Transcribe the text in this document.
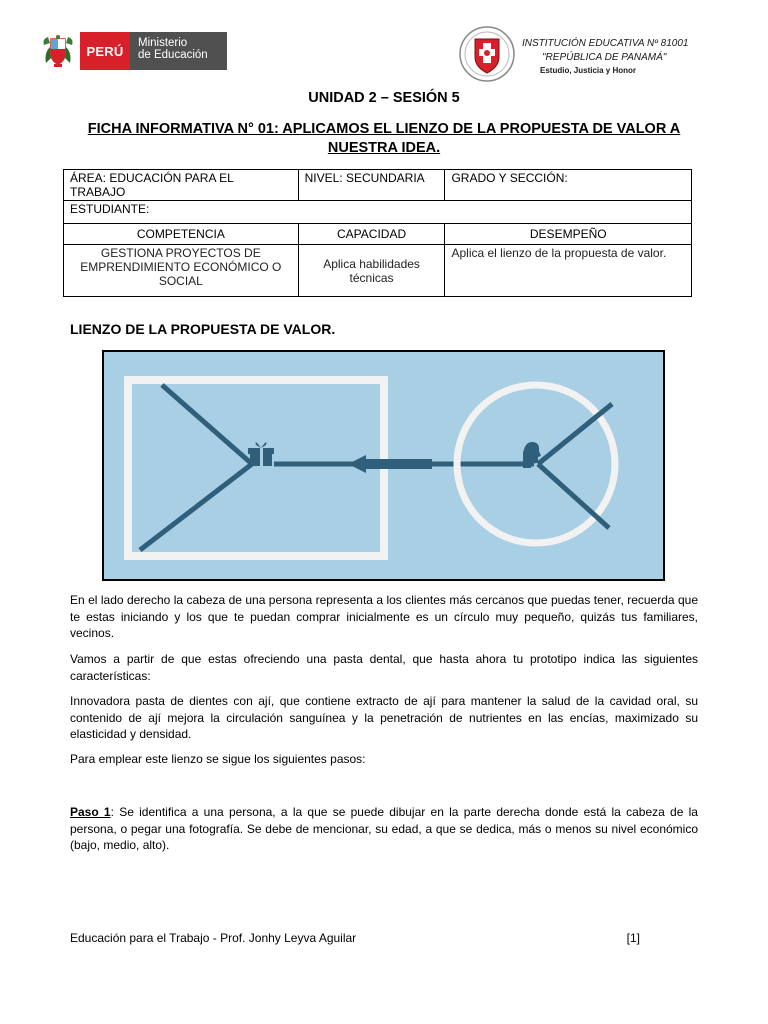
PERÚ
Ministerio
de Educación
INSTITUCIÓN EDUCATIVA Nº 81001
"REPÚBLICA DE PANAMÁ"
Estudio, Justicia y Honor
UNIDAD 2 – SESIÓN 5
FICHA INFORMATIVA N° 01: APLICAMOS EL LIENZO DE LA PROPUESTA DE VALOR A NUESTRA IDEA.
ÁREA: EDUCACIÓN PARA EL TRABAJO	NIVEL: SECUNDARIA	GRADO Y SECCIÓN:
ESTUDIANTE:		
COMPETENCIA	CAPACIDAD	DESEMPEÑO
GESTIONA PROYECTOS DE EMPRENDIMIENTO ECONÓMICO O SOCIAL	Aplica habilidades técnicas	Aplica el lienzo de la propuesta de valor.
LIENZO DE LA PROPUESTA DE VALOR.
En el lado derecho la cabeza de una persona representa a los clientes más cercanos que puedas tener, recuerda que te estas iniciando y los que te puedan comprar inicialmente es un círculo muy pequeño, quizás tus familiares, vecinos.
Vamos a partir de que estas ofreciendo una pasta dental, que hasta ahora tu prototipo indica las siguientes características:
Innovadora pasta de dientes con ají, que contiene extracto de ají para mantener la salud de la cavidad oral, su contenido de ají mejora la circulación sanguínea y la penetración de nutrientes en las encías, maximizado su elasticidad y densidad.
Para emplear este lienzo se sigue los siguientes pasos:
Paso 1: Se identifica a una persona, a la que se puede dibujar en la parte derecha donde está la cabeza de la persona, o pegar una fotografía. Se debe de mencionar, su edad, a que se dedica, más o menos su nivel económico (bajo, medio, alto).
Educación para el Trabajo - Prof. Jonhy Leyva Aguilar	[1]
